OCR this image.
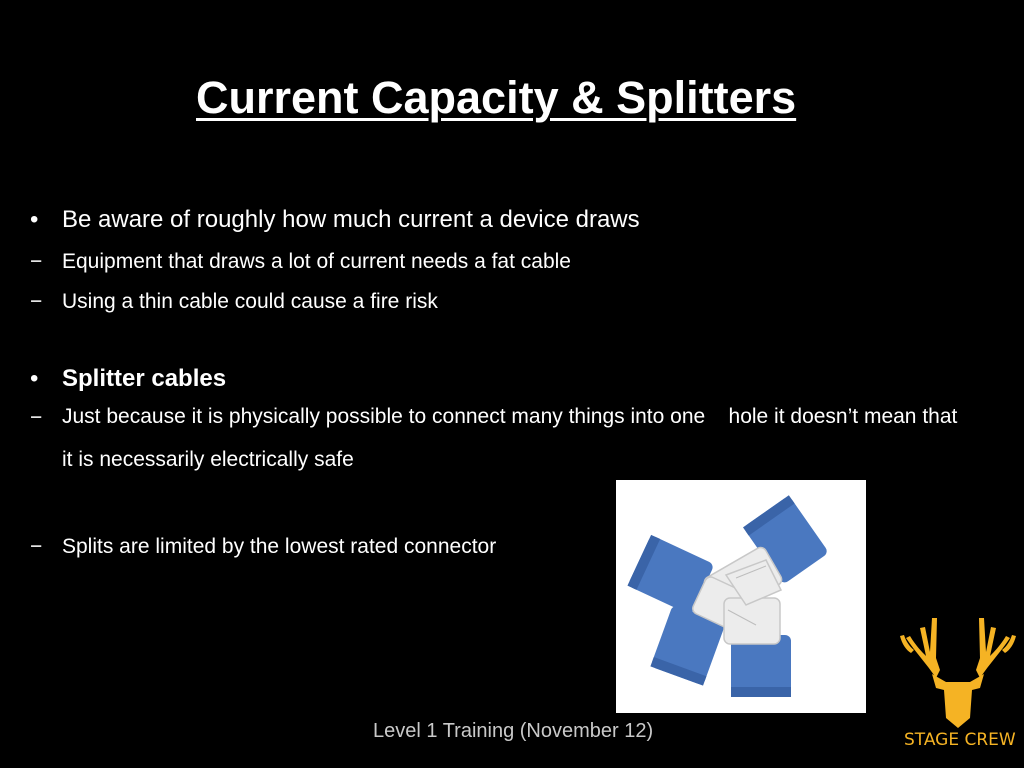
Current Capacity & Splitters
• Be aware of roughly how much current a device draws
− Equipment that draws a lot of current needs a fat cable
− Using a thin cable could cause a fire risk
• Splitter cables
− Just because it is physically possible to connect many things into one    hole it doesn’t mean that it is necessarily electrically safe
− Splits are limited by the lowest rated connector
Level 1 Training (November 12)	STAGE CREW
